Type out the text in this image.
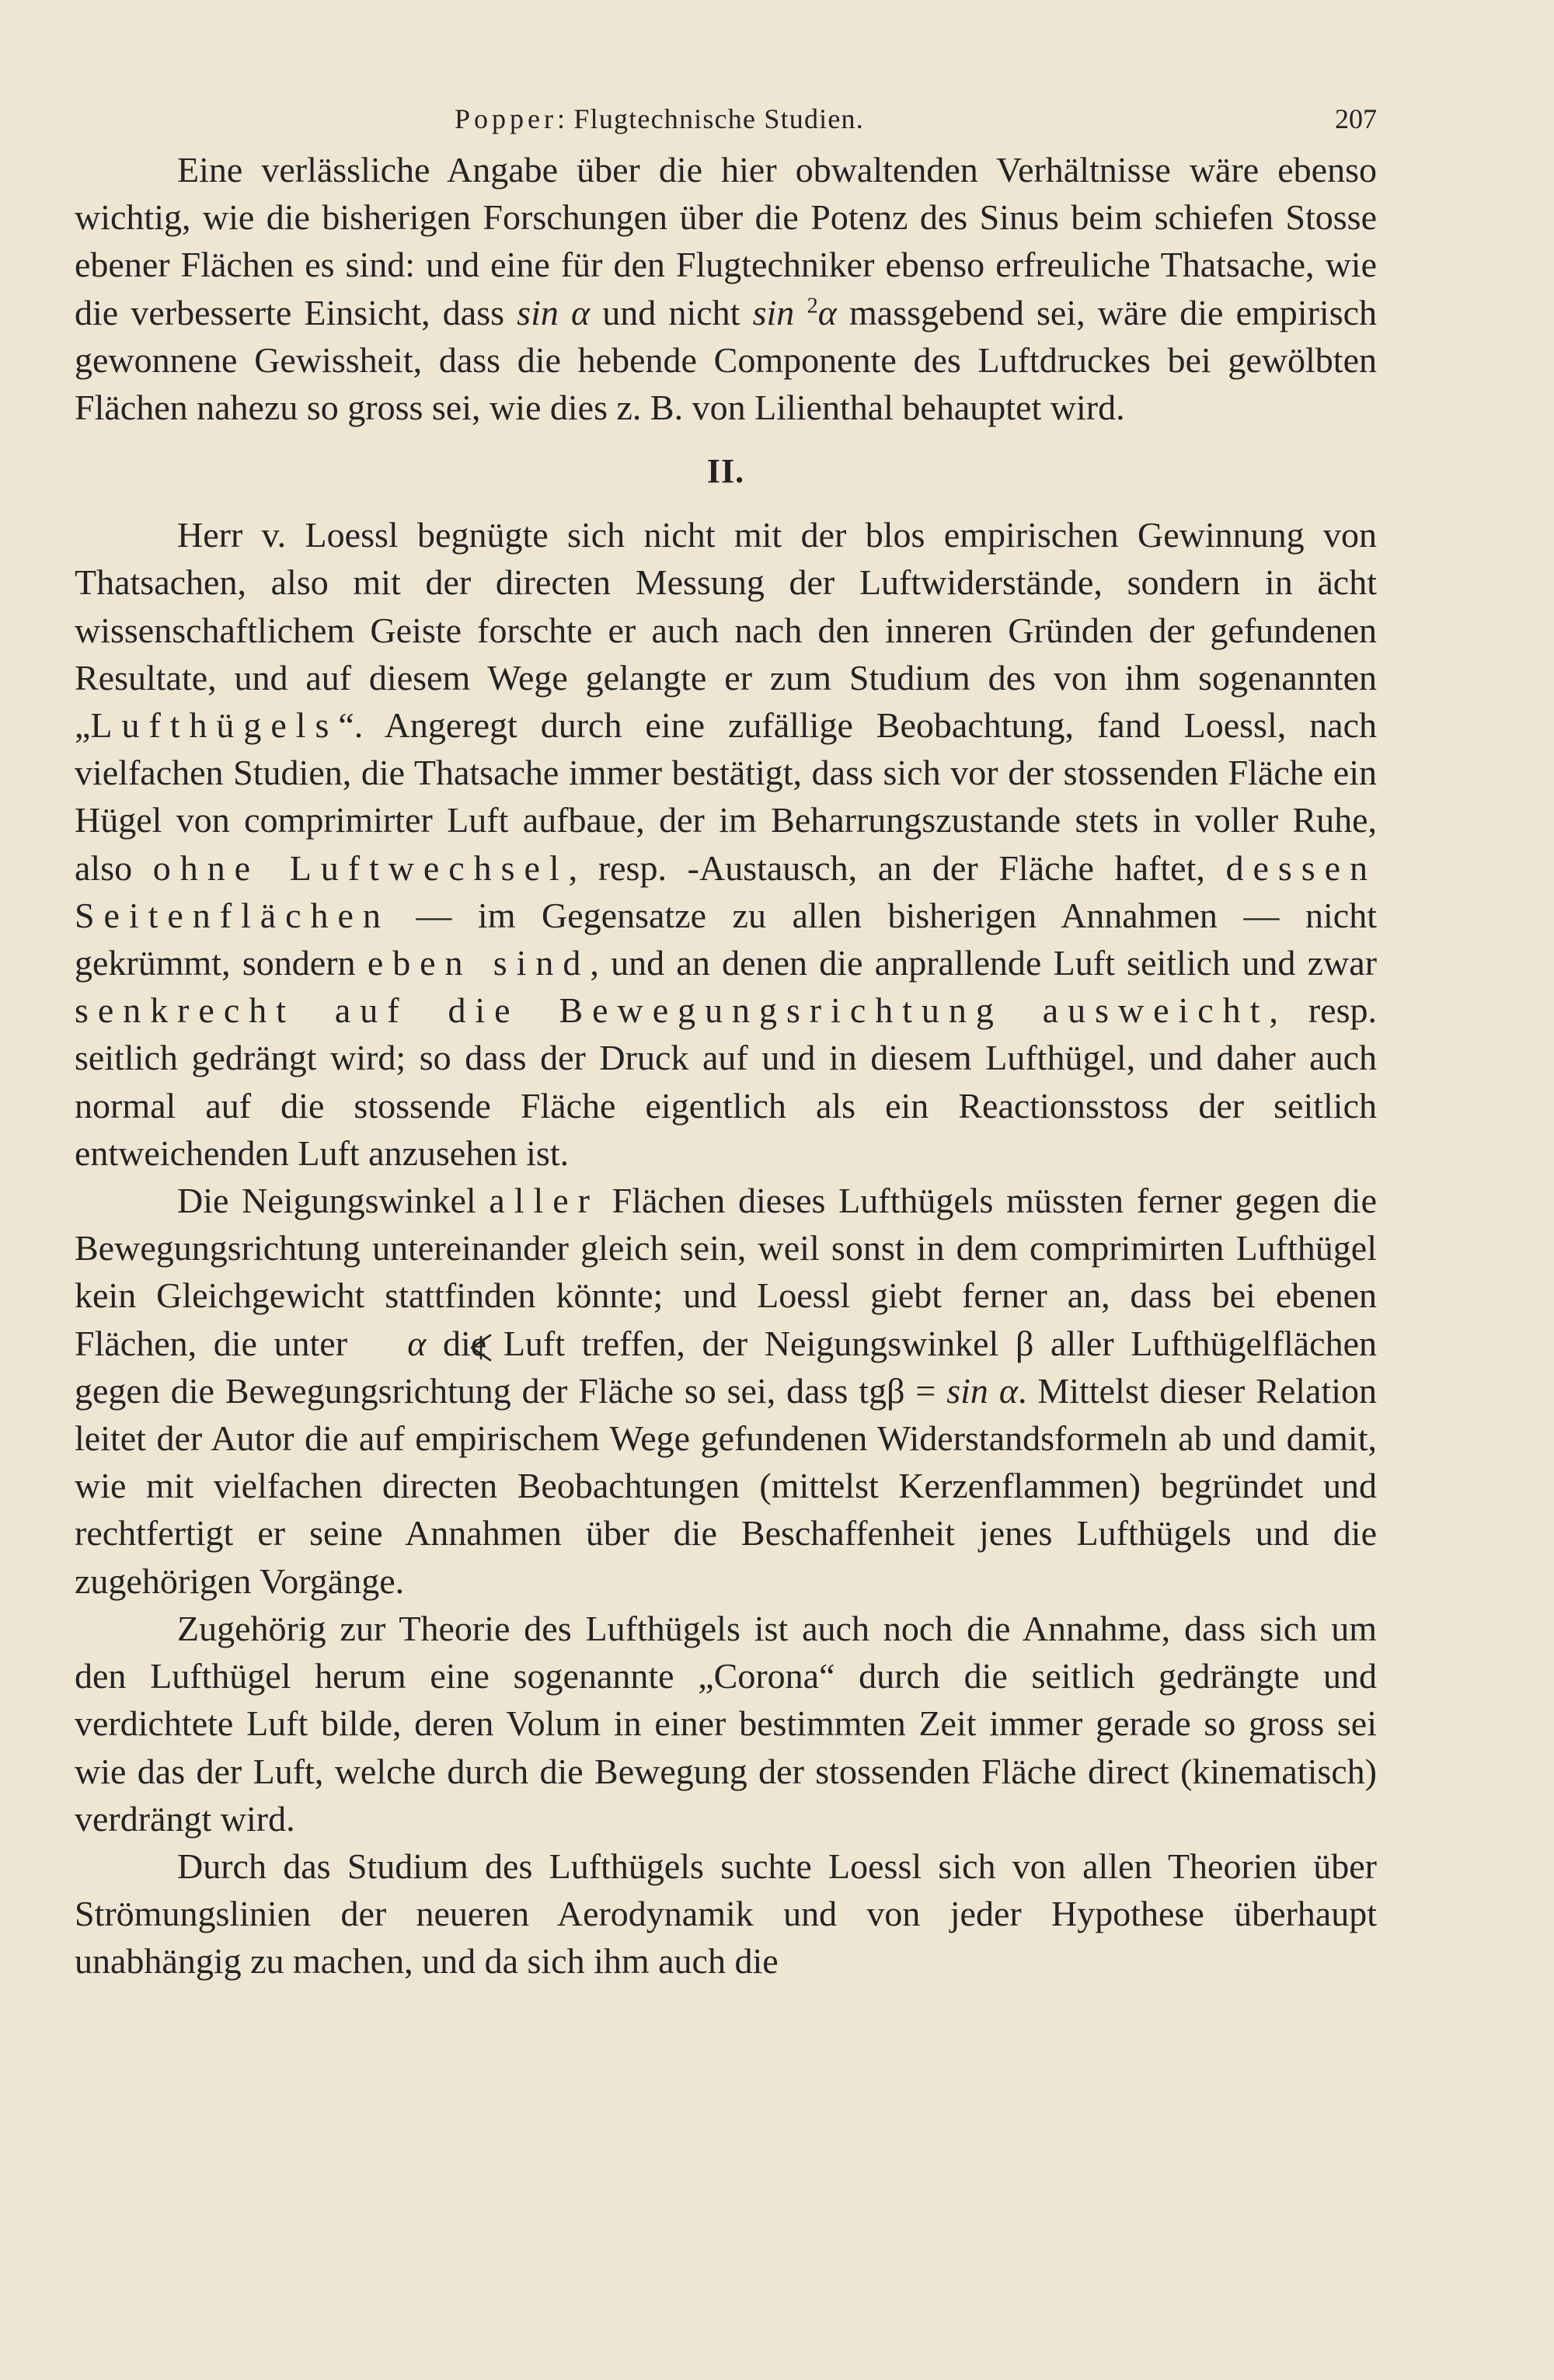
Popper: Flugtechnische Studien.	207

Eine verlässliche Angabe über die hier obwaltenden Verhältnisse wäre ebenso wichtig, wie die bisherigen Forschungen über die Potenz des Sinus beim schiefen Stosse ebener Flächen es sind: und eine für den Flugtechniker ebenso erfreuliche Thatsache, wie die verbesserte Einsicht, dass sin α und nicht sin $^2$α massgebend sei, wäre die empirisch gewonnene Gewissheit, dass die hebende Componente des Luftdruckes bei gewölbten Flächen nahezu so gross sei, wie dies z. B. von Lilienthal behauptet wird.

II.

Herr v. Loessl begnügte sich nicht mit der blos empirischen Gewinnung von Thatsachen, also mit der directen Messung der Luftwiderstände, sondern in ächt wissenschaftlichem Geiste forschte er auch nach den inneren Gründen der gefundenen Resultate, und auf diesem Wege gelangte er zum Studium des von ihm sogenannten „Lufthügels“. Angeregt durch eine zufällige Beobachtung, fand Loessl, nach vielfachen Studien, die Thatsache immer bestätigt, dass sich vor der stossenden Fläche ein Hügel von comprimirter Luft aufbaue, der im Beharrungszustande stets in voller Ruhe, also ohne Luftwechsel, resp. -Austausch, an der Fläche haftet, dessen Seitenflächen — im Gegensatze zu allen bisherigen Annahmen — nicht gekrümmt, sondern eben sind, und an denen die anprallende Luft seitlich und zwar senkrecht auf die Bewegungsrichtung ausweicht, resp. seitlich gedrängt wird; so dass der Druck auf und in diesem Lufthügel, und daher auch normal auf die stossende Fläche eigentlich als ein Reactionsstoss der seitlich entweichenden Luft anzusehen ist.

Die Neigungswinkel aller Flächen dieses Lufthügels müssten ferner gegen die Bewegungsrichtung untereinander gleich sein, weil sonst in dem comprimirten Lufthügel kein Gleichgewicht stattfinden könnte; und Loessl giebt ferner an, dass bei ebenen Flächen, die unter  α die Luft treffen, der Neigungswinkel β aller Lufthügelflächen gegen die Bewegungsrichtung der Fläche so sei, dass tgβ = sin α. Mittelst dieser Relation leitet der Autor die auf empirischem Wege gefundenen Widerstandsformeln ab und damit, wie mit vielfachen directen Beobachtungen (mittelst Kerzenflammen) begründet und rechtfertigt er seine Annahmen über die Beschaffenheit jenes Lufthügels und die zugehörigen Vorgänge.

Zugehörig zur Theorie des Lufthügels ist auch noch die Annahme, dass sich um den Lufthügel herum eine sogenannte „Corona“ durch die seitlich gedrängte und verdichtete Luft bilde, deren Volum in einer bestimmten Zeit immer gerade so gross sei wie das der Luft, welche durch die Bewegung der stossenden Fläche direct (kinematisch) verdrängt wird.

Durch das Studium des Lufthügels suchte Loessl sich von allen Theorien über Strömungslinien der neueren Aerodynamik und von jeder Hypothese überhaupt unabhängig zu machen, und da sich ihm auch die
